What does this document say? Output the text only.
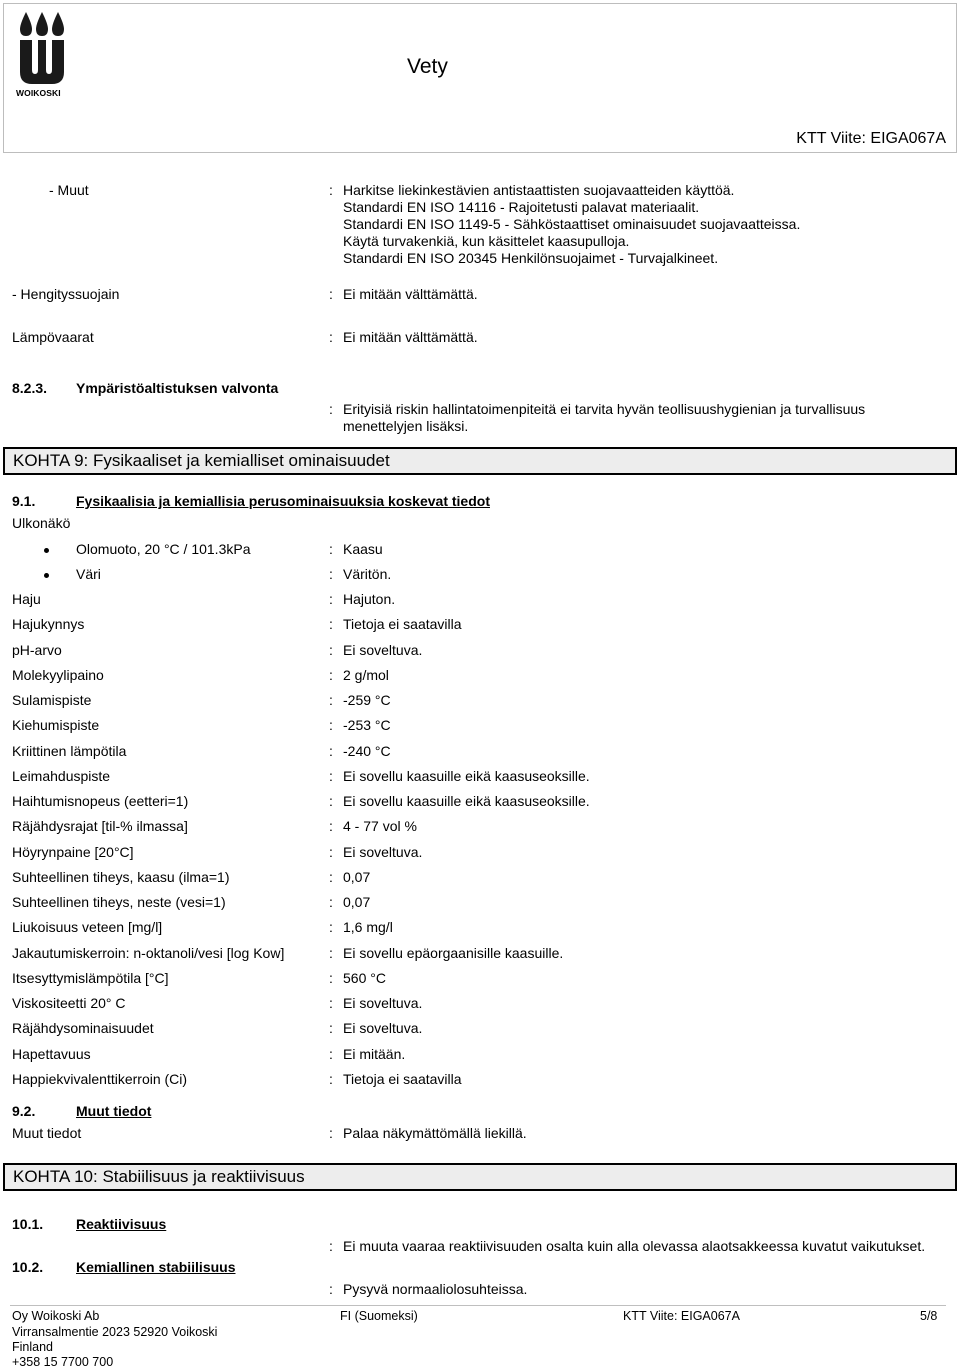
WOIKOSKI
Vety
KTT Viite: EIGA067A
- Muut	: Harkitse liekinkestävien antistaattisten suojavaatteiden käyttöä.
Standardi EN ISO 14116 - Rajoitetusti palavat materiaalit.
Standardi EN ISO 1149-5 - Sähköstaattiset ominaisuudet suojavaatteissa.
Käytä turvakenkiä, kun käsittelet kaasupulloja.
Standardi EN ISO 20345 Henkilönsuojaimet - Turvajalkineet.
- Hengityssuojain	: Ei mitään välttämättä.
Lämpövaarat	: Ei mitään välttämättä.
8.2.3. Ympäristöaltistuksen valvonta
: Erityisiä riskin hallintatoimenpiteitä ei tarvita hyvän teollisuushygienian ja turvallisuus
menettelyjen lisäksi.
KOHTA 9: Fysikaaliset ja kemialliset ominaisuudet
9.1.	Fysikaalisia ja kemiallisia perusominaisuuksia koskevat tiedot
Ulkonäkö
Olomuoto, 20 °C / 101.3kPa	: Kaasu
Väri	: Väritön.
Haju	: Hajuton.
Hajukynnys	: Tietoja ei saatavilla
pH-arvo	: Ei soveltuva.
Molekyylipaino	: 2 g/mol
Sulamispiste	: -259 °C
Kiehumispiste	: -253 °C
Kriittinen lämpötila	: -240 °C
Leimahduspiste	: Ei sovellu kaasuille eikä kaasuseoksille.
Haihtumisnopeus (eetteri=1)	: Ei sovellu kaasuille eikä kaasuseoksille.
Räjähdysrajat [til-% ilmassa]	: 4 - 77 vol %
Höyrynpaine [20°C]	: Ei soveltuva.
Suhteellinen tiheys, kaasu (ilma=1)	: 0,07
Suhteellinen tiheys, neste (vesi=1)	: 0,07
Liukoisuus veteen [mg/l]	: 1,6 mg/l
Jakautumiskerroin: n-oktanoli/vesi [log Kow]	: Ei sovellu epäorgaanisille kaasuille.
Itsesyttymislämpötila [°C]	: 560 °C
Viskositeetti 20° C	: Ei soveltuva.
Räjähdysominaisuudet	: Ei soveltuva.
Hapettavuus	: Ei mitään.
Happiekvivalenttikerroin (Ci)	: Tietoja ei saatavilla
9.2.	Muut tiedot
Muut tiedot	: Palaa näkymättömällä liekillä.
KOHTA 10: Stabiilisuus ja reaktiivisuus
10.1. Reaktiivisuus
: Ei muuta vaaraa reaktiivisuuden osalta kuin alla olevassa alaotsakkeessa kuvatut vaikutukset.
10.2. Kemiallinen stabiilisuus
: Pysyvä normaaliolosuhteissa.
Oy Woikoski Ab
Virransalmentie 2023 52920 Voikoski
Finland
+358 15 7700 700
FI (Suomeksi)	KTT Viite: EIGA067A	5/8
